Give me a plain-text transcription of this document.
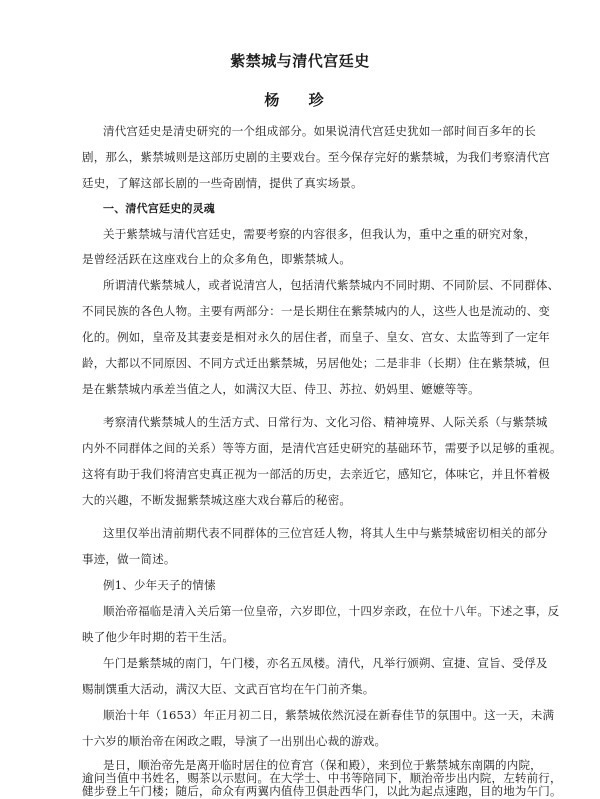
紫禁城与清代宫廷史
杨 珍
清代宫廷史是清史研究的一个组成部分。如果说清代宫廷史犹如一部时间百多年的长
剧，那么，紫禁城则是这部历史剧的主要戏台。至今保存完好的紫禁城，为我们考察清代宫
廷史，了解这部长剧的一些奇剧情，提供了真实场景。
一、清代宫廷史的灵魂
关于紫禁城与清代宫廷史，需要考察的内容很多，但我认为，重中之重的研究对象，
是曾经活跃在这座戏台上的众多角色，即紫禁城人。
所谓清代紫禁城人，或者说清宫人，包括清代紫禁城内不同时期、不同阶层、不同群体、
不同民族的各色人物。主要有两部分：一是长期住在紫禁城内的人，这些人也是流动的、变
化的。例如，皇帝及其妻妾是相对永久的居住者，而皇子、皇女、宫女、太监等到了一定年
龄，大都以不同原因、不同方式迁出紫禁城，另居他处；二是非非（长期）住在紫禁城，但
是在紫禁城内承差当值之人，如满汉大臣、侍卫、苏拉、奶妈里、嬷嬷等等。
考察清代紫禁城人的生活方式、日常行为、文化习俗、精神境界、人际关系（与紫禁城
内外不同群体之间的关系）等等方面，是清代宫廷史研究的基础环节，需要予以足够的重视。
这将有助于我们将清宫史真正视为一部活的历史，去亲近它，感知它，体味它，并且怀着极
大的兴趣，不断发掘紫禁城这座大戏台幕后的秘密。
这里仅举出清前期代表不同群体的三位宫廷人物，将其人生中与紫禁城密切相关的部分
事迹，做一简述。
例1、少年天子的情愫
顺治帝福临是清入关后第一位皇帝，六岁即位，十四岁亲政，在位十八年。下述之事，反
映了他少年时期的若干生活。
午门是紫禁城的南门，午门楼，亦名五凤楼。清代，凡举行颁朔、宣捷、宣旨、受俘及
赐制馔重大活动，满汉大臣、文武百官均在午门前齐集。
顺治十年（1653）年正月初二日，紫禁城依然沉浸在新春佳节的氛围中。这一天，未满
十六岁的顺治帝在闲政之暇，导演了一出别出心裁的游戏。
是日，顺治帝先是离开临时居住的位育宫（保和殿），来到位于紫禁城东南隅的内院，
逾问当值中书姓名，赐茶以示慰问。在大学士、中书等陪同下，顺治帝步出内院，左转前行，
健步登上午门楼；随后，命众有两翼内值侍卫俱赴西华门，以此为起点速跑，目的地为午门。
